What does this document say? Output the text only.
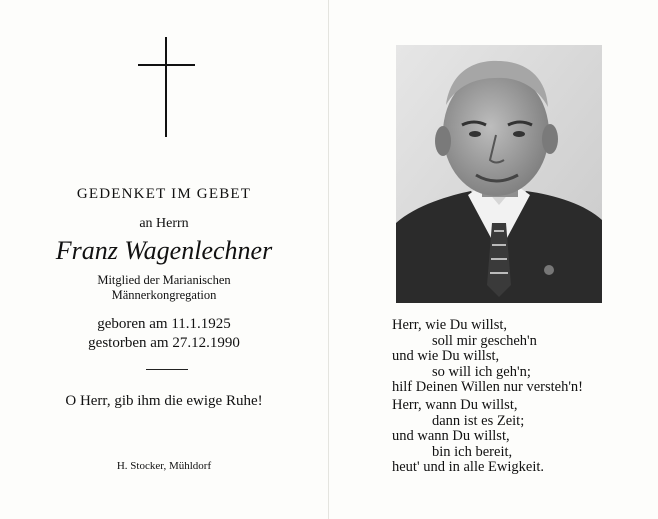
GEDENKET IM GEBET
an Herrn
Franz Wagenlechner
Mitglied der Marianischen
Männerkongregation
geboren am 11.1.1925
gestorben am 27.12.1990
O Herr, gib ihm die ewige Ruhe!
H. Stocker, Mühldorf
Herr, wie Du willst,
soll mir gescheh'n
und wie Du willst,
so will ich geh'n;
hilf Deinen Willen nur versteh'n!
Herr, wann Du willst,
dann ist es Zeit;
und wann Du willst,
bin ich bereit,
heut' und in alle Ewigkeit.
